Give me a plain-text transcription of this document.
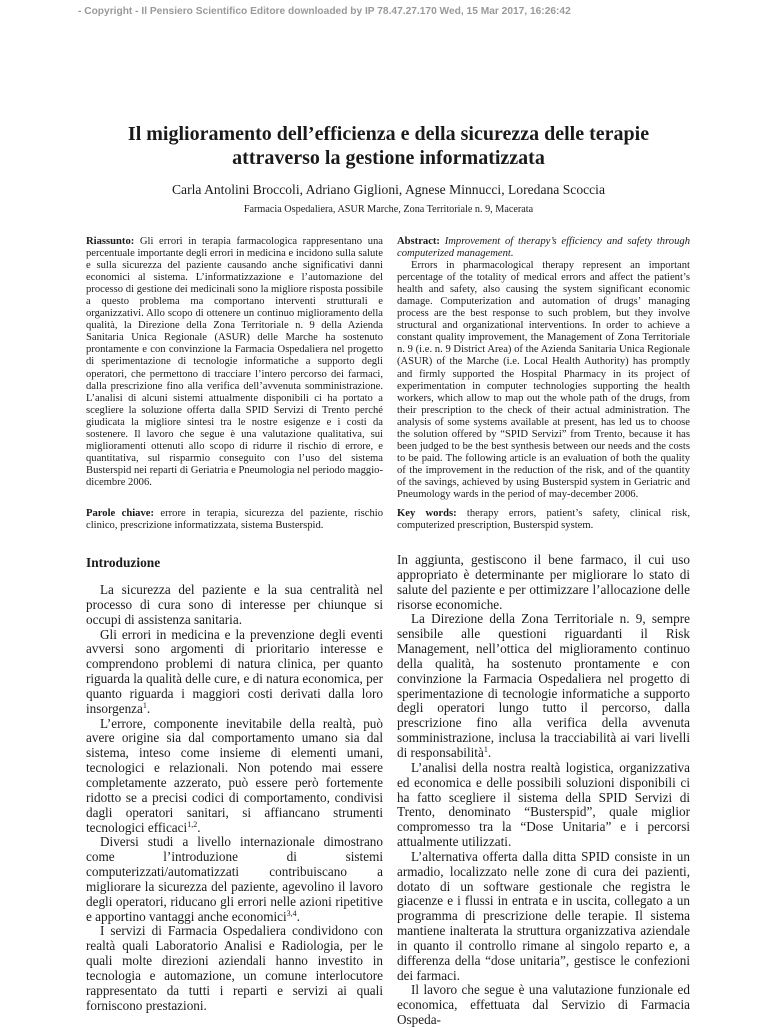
- Copyright - Il Pensiero Scientifico Editore downloaded by IP 78.47.27.170 Wed, 15 Mar 2017, 16:26:42
Il miglioramento dell’efficienza e della sicurezza delle terapie
attraverso la gestione informatizzata
Carla Antolini Broccoli, Adriano Giglioni, Agnese Minnucci, Loredana Scoccia
Farmacia Ospedaliera, ASUR Marche, Zona Territoriale n. 9, Macerata

Riassunto: Gli errori in terapia farmacologica rappresentano una percentuale importante degli errori in medicina e incidono sulla salute e sulla sicurezza del paziente causando anche significativi danni economici al sistema. L’informatizzazione e l’automazione del processo di gestione dei medicinali sono la migliore risposta possibile a questo problema ma comportano interventi strutturali e organizzativi. Allo scopo di ottenere un continuo miglioramento della qualità, la Direzione della Zona Territoriale n. 9 della Azienda Sanitaria Unica Regionale (ASUR) delle Marche ha sostenuto prontamente e con convinzione la Farmacia Ospedaliera nel progetto di sperimentazione di tecnologie informatiche a supporto degli operatori, che permettono di tracciare l’intero percorso dei farmaci, dalla prescrizione fino alla verifica dell’avvenuta somministrazione. L’analisi di alcuni sistemi attualmente disponibili ci ha portato a scegliere la soluzione offerta dalla SPID Servizi di Trento perché giudicata la migliore sintesi tra le nostre esigenze e i costi da sostenere. Il lavoro che segue è una valutazione qualitativa, sui miglioramenti ottenuti allo scopo di ridurre il rischio di errore, e quantitativa, sul risparmio conseguito con l’uso del sistema Busterspid nei reparti di Geriatria e Pneumologia nel periodo maggio-dicembre 2006.

Abstract: Improvement of therapy’s efficiency and safety through computerized management.

Errors in pharmacological therapy represent an important percentage of the totality of medical errors and affect the patient’s health and safety, also causing the system significant economic damage. Computerization and automation of drugs’ managing process are the best response to such problem, but they involve structural and organizational interventions. In order to achieve a constant quality improvement, the Management of Zona Territoriale n. 9 (i.e. n. 9 District Area) of the Azienda Sanitaria Unica Regionale (ASUR) of the Marche (i.e. Local Health Authority) has promptly and firmly supported the Hospital Pharmacy in its project of experimentation in computer technologies supporting the health workers, which allow to map out the whole path of the drugs, from their prescription to the check of their actual administration. The analysis of some systems available at present, has led us to choose the solution offered by “SPID Servizi” from Trento, because it has been judged to be the best synthesis between our needs and the costs to be paid. The following article is an evaluation of both the quality of the improvement in the reduction of the risk, and of the quantity of the savings, achieved by using Busterspid system in Geriatric and Pneumology wards in the period of may-december 2006.

Parole chiave: errore in terapia, sicurezza del paziente, rischio clinico, prescrizione informatizzata, sistema Busterspid.
Key words: therapy errors, patient’s safety, clinical risk, computerized prescription, Busterspid system.
Introduzione

La sicurezza del paziente e la sua centralità nel processo di cura sono di interesse per chiunque si occupi di assistenza sanitaria.

Gli errori in medicina e la prevenzione degli eventi avversi sono argomenti di prioritario interesse e comprendono problemi di natura clinica, per quanto riguarda la qualità delle cure, e di natura economica, per quanto riguarda i maggiori costi derivati dalla loro insorgenza$^1$.

L’errore, componente inevitabile della realtà, può avere origine sia dal comportamento umano sia dal sistema, inteso come insieme di elementi umani, tecnologici e relazionali. Non potendo mai essere completamente azzerato, può essere però fortemente ridotto se a precisi codici di comportamento, condivisi dagli operatori sanitari, si affiancano strumenti tecnologici efficaci$^{1,2}$.

Diversi studi a livello internazionale dimostrano come l’introduzione di sistemi computerizzati/automatizzati contribuiscano a migliorare la sicurezza del paziente, agevolino il lavoro degli operatori, riducano gli errori nelle azioni ripetitive e apportino vantaggi anche economici$^{3,4}$.

I servizi di Farmacia Ospedaliera condividono con realtà quali Laboratorio Analisi e Radiologia, per le quali molte direzioni aziendali hanno investito in tecnologia e automazione, un comune interlocutore rappresentato da tutti i reparti e servizi ai quali forniscono prestazioni.

In aggiunta, gestiscono il bene farmaco, il cui uso appropriato è determinante per migliorare lo stato di salute del paziente e per ottimizzare l’allocazione delle risorse economiche.

La Direzione della Zona Territoriale n. 9, sempre sensibile alle questioni riguardanti il Risk Management, nell’ottica del miglioramento continuo della qualità, ha sostenuto prontamente e con convinzione la Farmacia Ospedaliera nel progetto di sperimentazione di tecnologie informatiche a supporto degli operatori lungo tutto il percorso, dalla prescrizione fino alla verifica della avvenuta somministrazione, inclusa la tracciabilità ai vari livelli di responsabilità$^1$.

L’analisi della nostra realtà logistica, organizzativa ed economica e delle possibili soluzioni disponibili ci ha fatto scegliere il sistema della SPID Servizi di Trento, denominato “Busterspid”, quale miglior compromesso tra la “Dose Unitaria” e i percorsi attualmente utilizzati.

L’alternativa offerta dalla ditta SPID consiste in un armadio, localizzato nelle zone di cura dei pazienti, dotato di un software gestionale che registra le giacenze e i flussi in entrata e in uscita, collegato a un programma di prescrizione delle terapie. Il sistema mantiene inalterata la struttura organizzativa aziendale in quanto il controllo rimane al singolo reparto e, a differenza della “dose unitaria”, gestisce le confezioni dei farmaci.

Il lavoro che segue è una valutazione funzionale ed economica, effettuata dal Servizio di Farmacia Ospeda-
